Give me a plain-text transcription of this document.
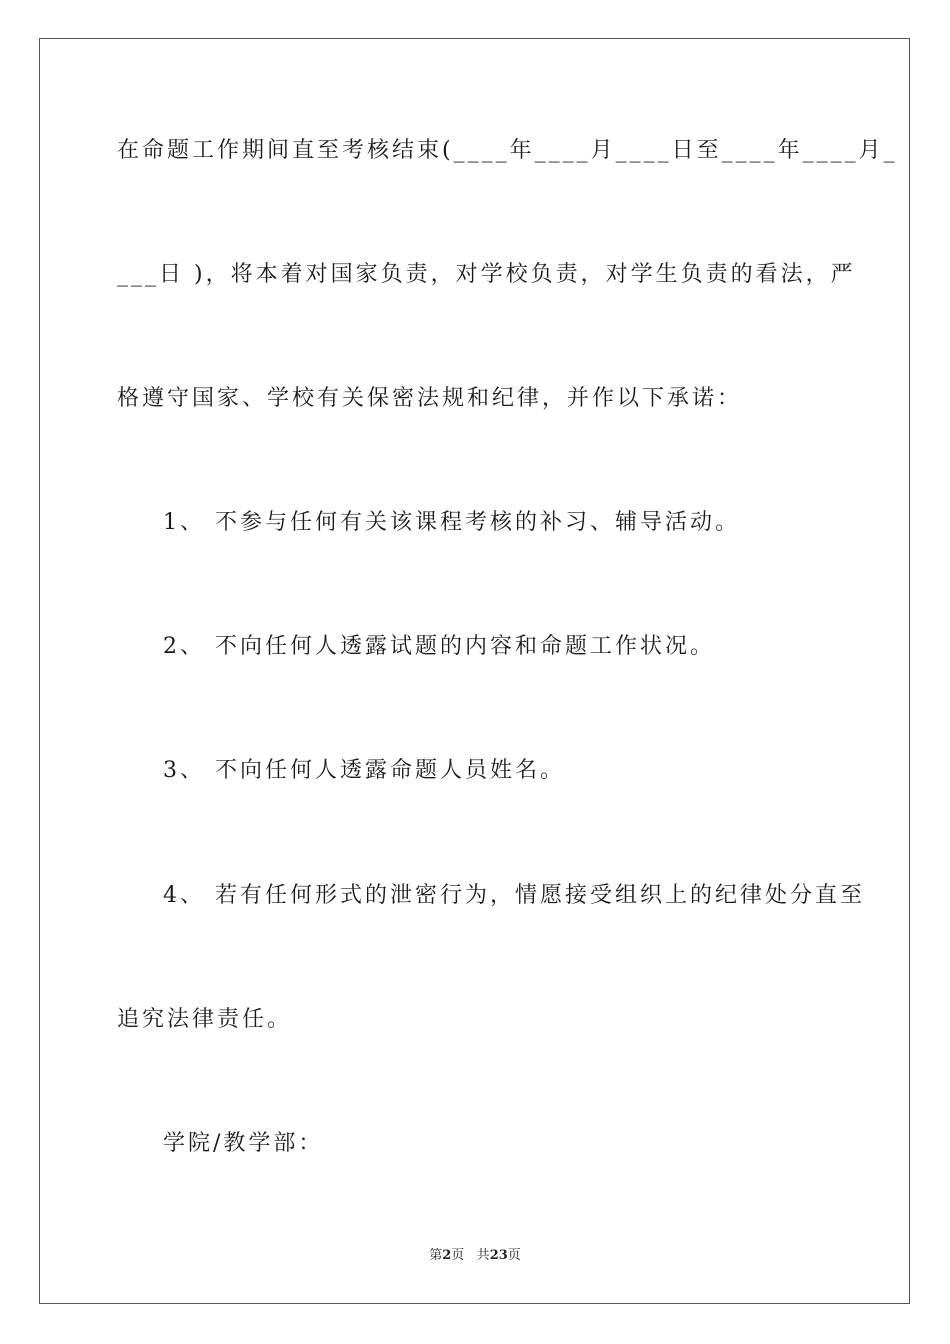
在命题工作期间直至考核结束(____年____月____日至____年____月_
___日 )，将本着对国家负责，对学校负责，对学生负责的看法，严
格遵守国家、学校有关保密法规和纪律，并作以下承诺：
1、 不参与任何有关该课程考核的补习、辅导活动。
2、 不向任何人透露试题的内容和命题工作状况。
3、 不向任何人透露命题人员姓名。
4、 若有任何形式的泄密行为，情愿接受组织上的纪律处分直至
追究法律责任。
学院/教学部：
第2页 共23页
